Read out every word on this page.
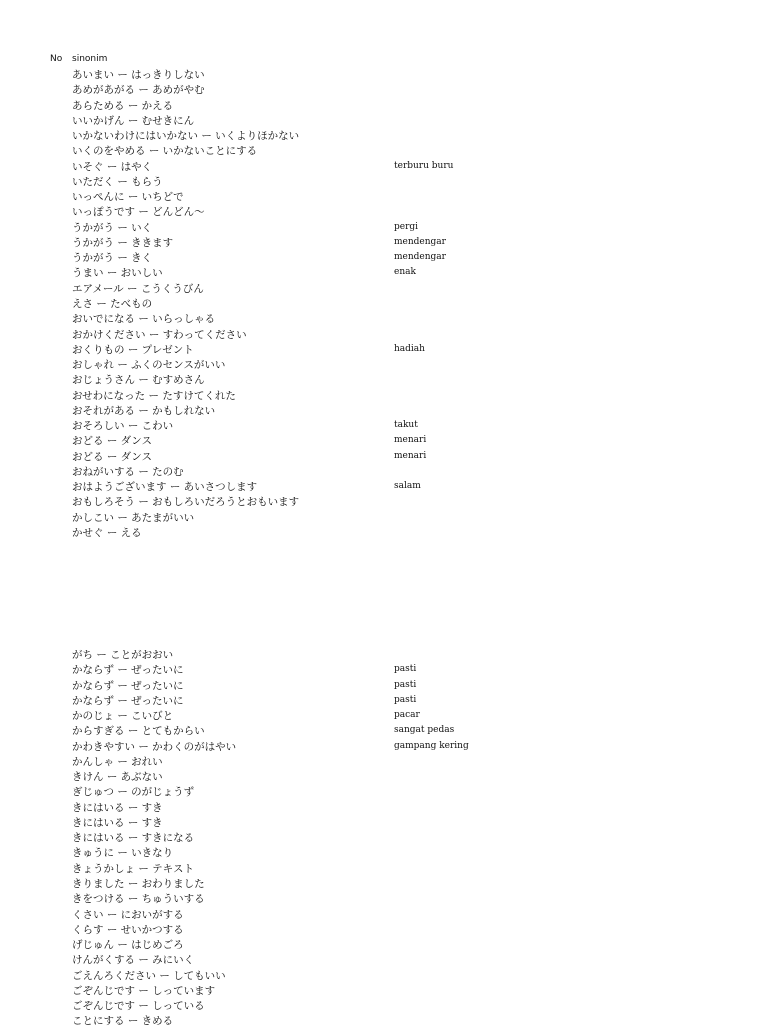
No sinonim
あいまい ー はっきりしない
あめがあがる ー あめがやむ
あらためる ー かえる
いいかげん ー むせきにん
いかないわけにはいかない ー いくよりほかない
いくのをやめる ー いかないことにする
いそぐ ー はやく	terburu buru
いただく ー もらう
いっぺんに ー いちどで
いっぽうです ー どんどん～
うかがう ー いく	pergi
うかがう ー ききます	mendengar
うかがう ー きく	mendengar
うまい ー おいしい	enak
エアメール ー こうくうびん
えさ ー たべもの
おいでになる ー いらっしゃる
おかけください ー すわってください
おくりもの ー プレゼント	hadiah
おしゃれ ー ふくのセンスがいい
おじょうさん ー むすめさん
おせわになった ー たすけてくれた
おそれがある ー かもしれない
おそろしい ー こわい	takut
おどる ー ダンス	menari
おどる ー ダンス	menari
おねがいする ー たのむ
おはようございます ー あいさつします	salam
おもしろそう ー おもしろいだろうとおもいます
かしこい ー あたまがいい
かせぐ ー える
がち ー ことがおおい
かならず ー ぜったいに	pasti
かならず ー ぜったいに	pasti
かならず ー ぜったいに	pasti
かのじょ ー こいびと	pacar
からすぎる ー とてもからい	sangat pedas
かわきやすい ー かわくのがはやい	gampang kering
かんしゃ ー おれい
きけん ー あぶない
ぎじゅつ ー のがじょうず
きにはいる ー すき
きにはいる ー すき
きにはいる ー すきになる
きゅうに ー いきなり
きょうかしょ ー テキスト
きりました ー おわりました
きをつける ー ちゅういする
くさい ー においがする
くらす ー せいかつする
げじゅん ー はじめごろ
けんがくする ー みにいく
ごえんろください ー してもいい
ごぞんじです ー しっています
ごぞんじです ー しっている
ことにする ー きめる
